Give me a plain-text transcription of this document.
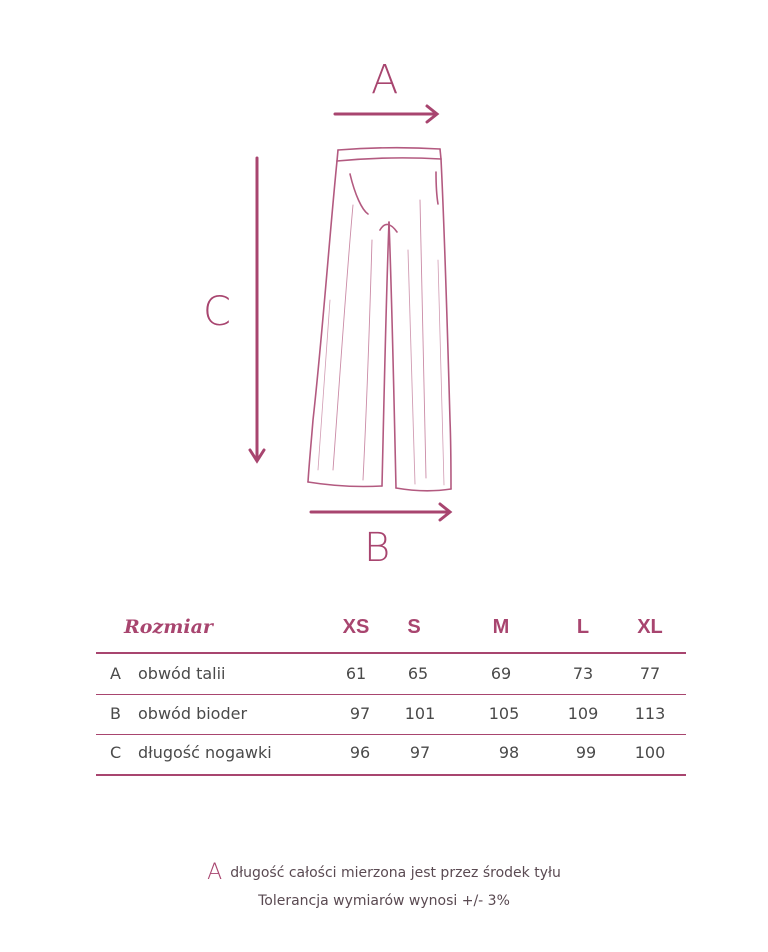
A
C
B
Rozmiar	XS	S	M	L	XL
A obwód talii	61	65	69	73	77
B obwód bioder	97	101	105	109	113
C długość nogawki	96	97	98	99	100
Adługość całości mierzona jest przez środek tyłu
Tolerancja wymiarów wynosi +/- 3%
